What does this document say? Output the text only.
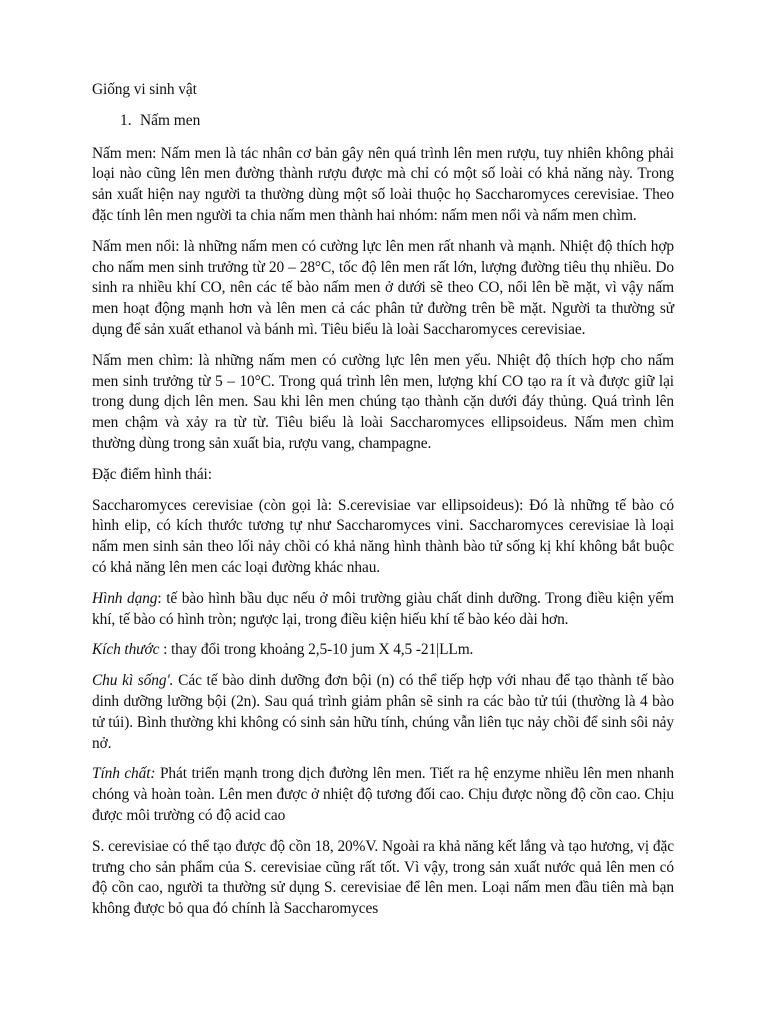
Giống vi sinh vật

1. Nấm men

Nấm men: Nấm men là tác nhân cơ bản gây nên quá trình lên men rượu, tuy nhiên không phải loại nào cũng lên men đường thành rượu được mà chỉ có một số loài có khả năng này. Trong sản xuất hiện nay người ta thường dùng một số loài thuộc họ Saccharomyces cerevisiae. Theo đặc tính lên men người ta chia nấm men thành hai nhóm: nấm men nổi và nấm men chìm.

Nấm men nổi: là những nấm men có cường lực lên men rất nhanh và mạnh. Nhiệt độ thích hợp cho nấm men sinh trưởng từ 20 – 28°C, tốc độ lên men rất lớn, lượng đường tiêu thụ nhiều. Do sinh ra nhiều khí CO, nên các tế bào nấm men ở dưới sẽ theo CO, nổi lên bề mặt, vì vậy nấm men hoạt động mạnh hơn và lên men cả các phân tử đường trên bề mặt. Người ta thường sử dụng để sản xuất ethanol và bánh mì. Tiêu biểu là loài Saccharomyces cerevisiae.

Nấm men chìm: là những nấm men có cường lực lên men yếu. Nhiệt độ thích hợp cho nấm men sinh trưởng từ 5 – 10°C. Trong quá trình lên men, lượng khí CO tạo ra ít và được giữ lại trong dung dịch lên men. Sau khi lên men chúng tạo thành cặn dưới đáy thủng. Quá trình lên men chậm và xảy ra từ từ. Tiêu biểu là loài Saccharomyces ellipsoideus. Nấm men chìm thường dùng trong sản xuất bia, rượu vang, champagne.

Đặc điểm hình thái:

Saccharomyces cerevisiae (còn gọi là: S.cerevisiae var ellipsoideus): Đó là những tế bào có hình elip, có kích thước tương tự như Saccharomyces vini. Saccharomyces cerevisiae là loại nấm men sinh sản theo lối nảy chồi có khả năng hình thành bào tử sống kị khí không bắt buộc có khả năng lên men các loại đường khác nhau.

Hình dạng: tế bào hình bầu dục nếu ở môi trường giàu chất dinh dưỡng. Trong điều kiện yếm khí, tế bào có hình tròn; ngược lại, trong điều kiện hiếu khí tế bào kéo dài hơn.

Kích thước : thay đổi trong khoảng 2,5-10 jum X 4,5 -21|LLm.

Chu kì sống'. Các tế bào dinh dưỡng đơn bội (n) có thể tiếp hợp với nhau để tạo thành tế bào dinh dưỡng lưỡng bội (2n). Sau quá trình giảm phân sẽ sinh ra các bào tử túi (thường là 4 bào tử túi). Bình thường khi không có sinh sản hữu tính, chúng vẫn liên tục nảy chồi để sinh sôi nảy nở.

Tính chất: Phát triển mạnh trong dịch đường lên men. Tiết ra hệ enzyme nhiều lên men nhanh chóng và hoàn toàn. Lên men được ở nhiệt độ tương đối cao. Chịu được nồng độ cồn cao. Chịu được môi trường có độ acid cao

S. cerevisiae có thể tạo được độ cồn 18, 20%V. Ngoài ra khả năng kết lắng và tạo hương, vị đặc trưng cho sản phẩm của S. cerevisiae cũng rất tốt. Vì vậy, trong sản xuất nước quả lên men có độ cồn cao, người ta thường sử dụng S. cerevisiae để lên men. Loại nấm men đầu tiên mà bạn không được bỏ qua đó chính là Saccharomyces
